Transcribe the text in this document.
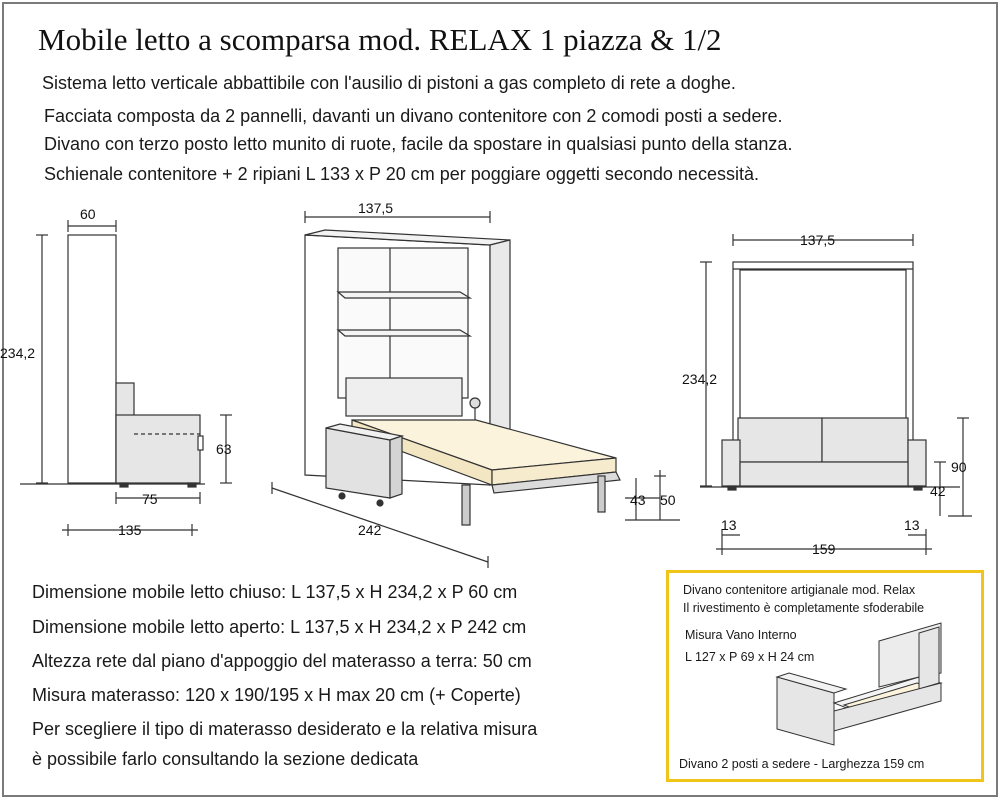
Mobile letto a scomparsa mod. RELAX 1 piazza & 1/2
Sistema letto verticale abbattibile con l'ausilio di pistoni a gas completo di rete a doghe.
Facciata composta da 2 pannelli, davanti un divano contenitore con 2 comodi posti a sedere.
Divano con terzo posto letto munito di ruote, facile da spostare in qualsiasi punto della stanza.
Schienale contenitore + 2 ripiani L 133 x P 20 cm per poggiare oggetti secondo necessità.
60
234,2
63
75
135
137,5
242
43 50
137,5
234,2
90
42
13	13
159
Dimensione mobile letto chiuso: L 137,5 x H 234,2 x P 60 cm
Dimensione mobile letto aperto: L 137,5 x H 234,2 x P 242 cm
Altezza rete dal piano d'appoggio del materasso a terra: 50 cm
Misura materasso: 120 x 190/195 x H max 20 cm (+ Coperte)
Per scegliere il tipo di materasso desiderato e la relativa misura
è possibile farlo consultando la sezione dedicata
Divano contenitore artigianale mod. Relax
Il rivestimento è completamente sfoderabile
Misura Vano Interno
L 127 x P 69 x H 24 cm
Divano 2 posti a sedere - Larghezza 159 cm
